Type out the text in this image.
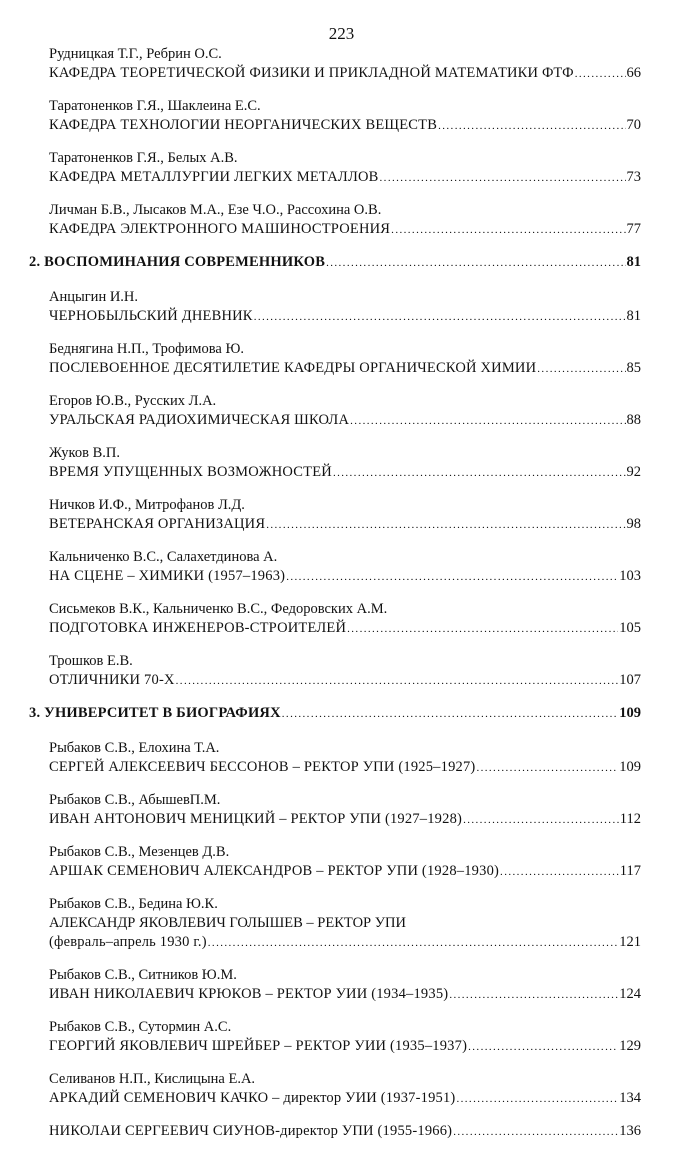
223
Рудницкая Т.Г., Ребрин О.С.
КАФЕДРА ТЕОРЕТИЧЕСКОЙ ФИЗИКИ И ПРИКЛАДНОЙ МАТЕМАТИКИ ФТФ .....	66
Таратоненков Г.Я., Шаклеина Е.С.
КАФЕДРА ТЕХНОЛОГИИ НЕОРГАНИЧЕСКИХ ВЕЩЕСТВ .....	70
Таратоненков Г.Я., Белых А.В.
КАФЕДРА МЕТАЛЛУРГИИ ЛЕГКИХ МЕТАЛЛОВ .....	73
Личман Б.В., Лысаков М.А., Езе Ч.О., Рассохина О.В.
КАФЕДРА ЭЛЕКТРОННОГО МАШИНОСТРОЕНИЯ .....	77
2. ВОСПОМИНАНИЯ СОВРЕМЕННИКОВ .....	81
Анцыгин И.Н.
ЧЕРНОБЫЛЬСКИЙ ДНЕВНИК .....	81
Беднягина Н.П., Трофимова Ю.
ПОСЛЕВОЕННОЕ ДЕСЯТИЛЕТИЕ КАФЕДРЫ ОРГАНИЧЕСКОЙ ХИМИИ .....	85
Егоров Ю.В., Русских Л.А.
УРАЛЬСКАЯ РАДИОХИМИЧЕСКАЯ ШКОЛА .....	88
Жуков В.П.
ВРЕМЯ УПУЩЕННЫХ ВОЗМОЖНОСТЕЙ .....	92
Ничков И.Ф., Митрофанов Л.Д.
ВЕТЕРАНСКАЯ ОРГАНИЗАЦИЯ .....	98
Кальниченко В.С., Салахетдинова А.
НА СЦЕНЕ – ХИМИКИ (1957–1963) .....	103
Сисьмеков В.К., Кальниченко В.С., Федоровских А.М.
ПОДГОТОВКА ИНЖЕНЕРОВ-СТРОИТЕЛЕЙ .....	105
Трошков Е.В.
ОТЛИЧНИКИ 70-Х .....	107
3. УНИВЕРСИТЕТ В БИОГРАФИЯХ .....	109
Рыбаков С.В., Елохина Т.А.
СЕРГЕЙ АЛЕКСЕЕВИЧ БЕССОНОВ – РЕКТОР УПИ (1925–1927) .....	109
Рыбаков С.В., АбышевП.М.
ИВАН АНТОНОВИЧ МЕНИЦКИЙ – РЕКТОР УПИ (1927–1928) .....	112
Рыбаков С.В., Мезенцев Д.В.
АРШАК СЕМЕНОВИЧ АЛЕКСАНДРОВ – РЕКТОР УПИ (1928–1930) .....	117
Рыбаков С.В., Бедина Ю.К.
АЛЕКСАНДР ЯКОВЛЕВИЧ ГОЛЫШЕВ – РЕКТОР УПИ
(февраль–апрель 1930 г.) .....	121
Рыбаков С.В., Ситников Ю.М.
ИВАН НИКОЛАЕВИЧ КРЮКОВ – РЕКТОР УИИ (1934–1935) .....	124
Рыбаков С.В., Сутормин А.С.
ГЕОРГИЙ ЯКОВЛЕВИЧ ШРЕЙБЕР – РЕКТОР УИИ (1935–1937) .....	129
Селиванов Н.П., Кислицына Е.А.
АРКАДИЙ СЕМЕНОВИЧ КАЧКО – директор УИИ (1937-1951) .....	134
НИКОЛАИ СЕРГЕЕВИЧ СИУНОВ-директор УПИ (1955-1966) .....	136
